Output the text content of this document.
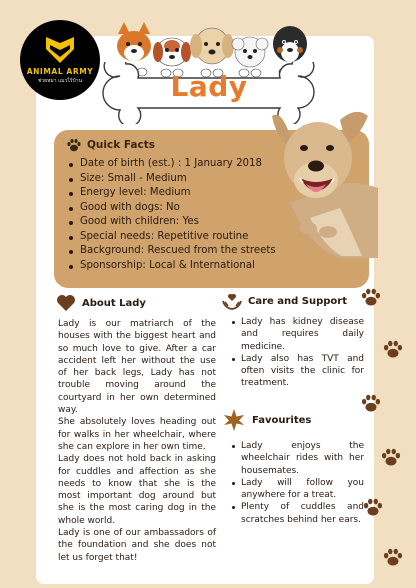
ANIMAL ARMY
ช่วยหมา แมวไร้บ้าน	Lady
Quick Facts
Date of birth (est.) : 1 January 2018
Size: Small - Medium
Energy level: Medium
Good with dogs: No
Good with children: Yes
Special needs: Repetitive routine
Background: Rescued from the streets
Sponsorship: Local & International
About Lady

Lady is our matriarch of the houses with the biggest heart and so much love to give. After a car accident left her without the use of her back legs, Lady has not trouble moving around the courtyard in her own determined way.

She absolutely loves heading out for walks in her wheelchair, where she can explore in her own time.

Lady does not hold back in asking for cuddles and affection as she needs to know that she is the most important dog around but she is the most caring dog in the whole world.

Lady is one of our ambassadors of the foundation and she does not let us forget that!

Care and Support
Lady has kidney disease and requires daily medicine.
Lady also has TVT and often visits the clinic for treatment.
Favourites
Lady enjoys the wheelchair rides with her housemates.
Lady will follow you anywhere for a treat.
Plenty of cuddles and scratches behind her ears.
